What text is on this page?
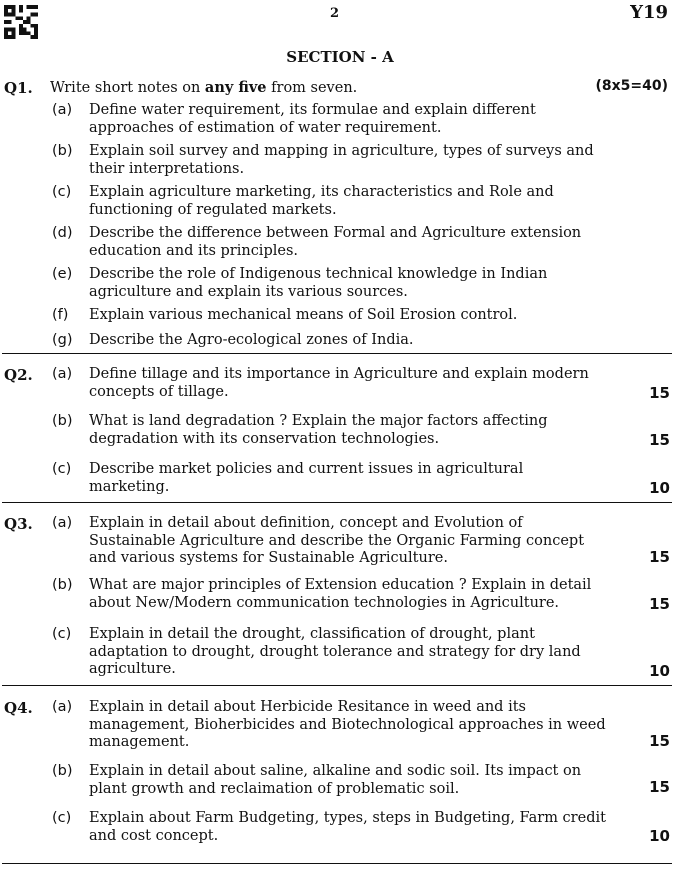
2	Y19
SECTION - A
Q1. Write short notes on any five from seven.	(8x5=40)
(a) Define water requirement, its formulae and explain different
approaches of estimation of water requirement.
(b) Explain soil survey and mapping in agriculture, types of surveys and
their interpretations.
(c) Explain agriculture marketing, its characteristics and Role and
functioning of regulated markets.
(d) Describe the difference between Formal and Agriculture extension
education and its principles.
(e) Describe the role of Indigenous technical knowledge in Indian
agriculture and explain its various sources.
(f) Explain various mechanical means of Soil Erosion control.
(g) Describe the Agro-ecological zones of India.
Q2. (a) Define tillage and its importance in Agriculture and explain modern
concepts of tillage.	15
(b) What is land degradation ? Explain the major factors affecting
degradation with its conservation technologies.	15
(c) Describe market policies and current issues in agricultural
marketing.	10
Q3. (a) Explain in detail about definition, concept and Evolution of
Sustainable Agriculture and describe the Organic Farming concept
and various systems for Sustainable Agriculture.	15
(b) What are major principles of Extension education ? Explain in detail
about New/Modern communication technologies in Agriculture.	15
(c) Explain in detail the drought, classification of drought, plant
adaptation to drought, drought tolerance and strategy for dry land
agriculture.	10
Q4. (a) Explain in detail about Herbicide Resitance in weed and its
management, Bioherbicides and Biotechnological approaches in weed
management.	15
(b) Explain in detail about saline, alkaline and sodic soil. Its impact on
plant growth and reclaimation of problematic soil.	15
(c) Explain about Farm Budgeting, types, steps in Budgeting, Farm credit
and cost concept.	10
